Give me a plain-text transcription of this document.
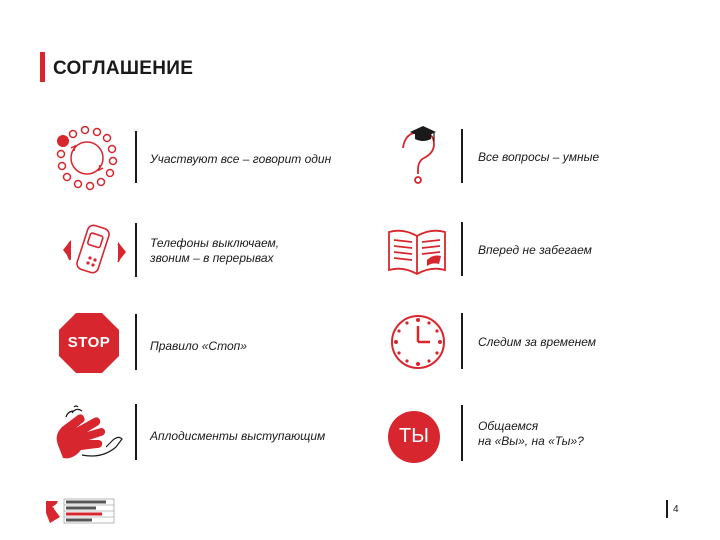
СОГЛАШЕНИЕ
Участвуют все – говорит один	Все вопросы – умные
Телефоны выключаем,
звоним – в перерывах
Вперед не забегаем
STOP	Правило «Стоп»	Следим за временем
Аплодисменты выступающим	ТЫ	Общаемся
на «Вы», на «Ты»?
4
